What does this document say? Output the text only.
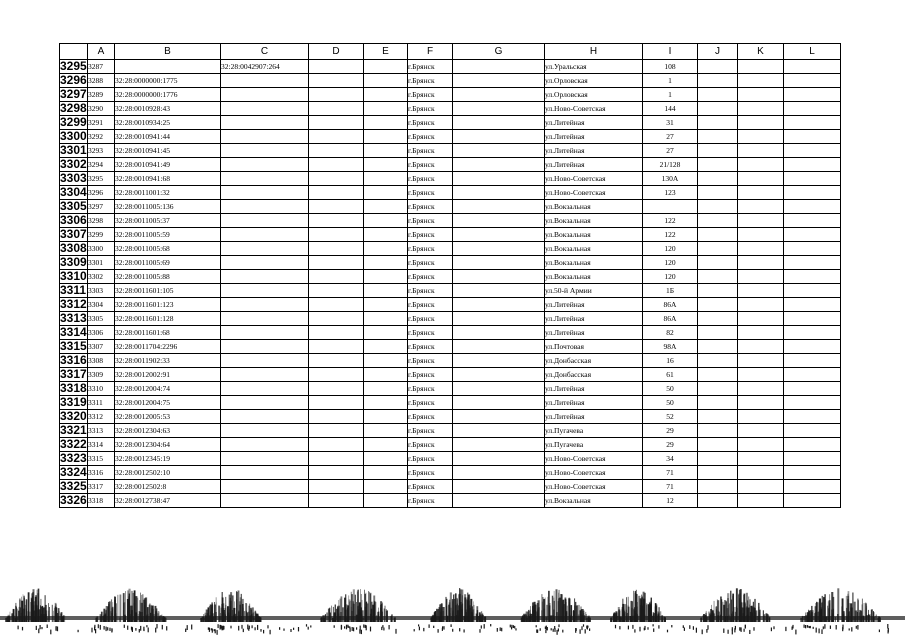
	A	B	C	D	E	F	G	H	I	J	K	L
3295	3287		32:28:0042907:264			г.Брянск		ул.Уральская	108			
3296	3288	32:28:0000000:1775				г.Брянск		ул.Орловская	1			
3297	3289	32:28:0000000:1776				г.Брянск		ул.Орловская	1			
3298	3290	32:28:0010928:43				г.Брянск		ул.Ново-Советская	144			
3299	3291	32:28:0010934:25				г.Брянск		ул.Литейная	31			
3300	3292	32:28:0010941:44				г.Брянск		ул.Литейная	27			
3301	3293	32:28:0010941:45				г.Брянск		ул.Литейная	27			
3302	3294	32:28:0010941:49				г.Брянск		ул.Литейная	21/128			
3303	3295	32:28:0010941:68				г.Брянск		ул.Ново-Советская	130А			
3304	3296	32:28:0011001:32				г.Брянск		ул.Ново-Советская	123			
3305	3297	32:28:0011005:136				г.Брянск		ул.Вокзальная				
3306	3298	32:28:0011005:37				г.Брянск		ул.Вокзальная	122			
3307	3299	32:28:0011005:59				г.Брянск		ул.Вокзальная	122			
3308	3300	32:28:0011005:68				г.Брянск		ул.Вокзальная	120			
3309	3301	32:28:0011005:69				г.Брянск		ул.Вокзальная	120			
3310	3302	32:28:0011005:88				г.Брянск		ул.Вокзальная	120			
3311	3303	32:28:0011601:105				г.Брянск		ул.50-й Армии	1Б			
3312	3304	32:28:0011601:123				г.Брянск		ул.Литейная	86А			
3313	3305	32:28:0011601:128				г.Брянск		ул.Литейная	86А			
3314	3306	32:28:0011601:68				г.Брянск		ул.Литейная	82			
3315	3307	32:28:0011704:2296				г.Брянск		ул.Почтовая	98А			
3316	3308	32:28:0011902:33				г.Брянск		ул.Донбасская	16			
3317	3309	32:28:0012002:91				г.Брянск		ул.Донбасская	61			
3318	3310	32:28:0012004:74				г.Брянск		ул.Литейная	50			
3319	3311	32:28:0012004:75				г.Брянск		ул.Литейная	50			
3320	3312	32:28:0012005:53				г.Брянск		ул.Литейная	52			
3321	3313	32:28:0012304:63				г.Брянск		ул.Пугачева	29			
3322	3314	32:28:0012304:64				г.Брянск		ул.Пугачева	29			
3323	3315	32:28:0012345:19				г.Брянск		ул.Ново-Советская	34			
3324	3316	32:28:0012502:10				г.Брянск		ул.Ново-Советская	71			
3325	3317	32:28:0012502:8				г.Брянск		ул.Ново-Советская	71			
3326	3318	32:28:0012738:47				г.Брянск		ул.Вокзальная	12			
